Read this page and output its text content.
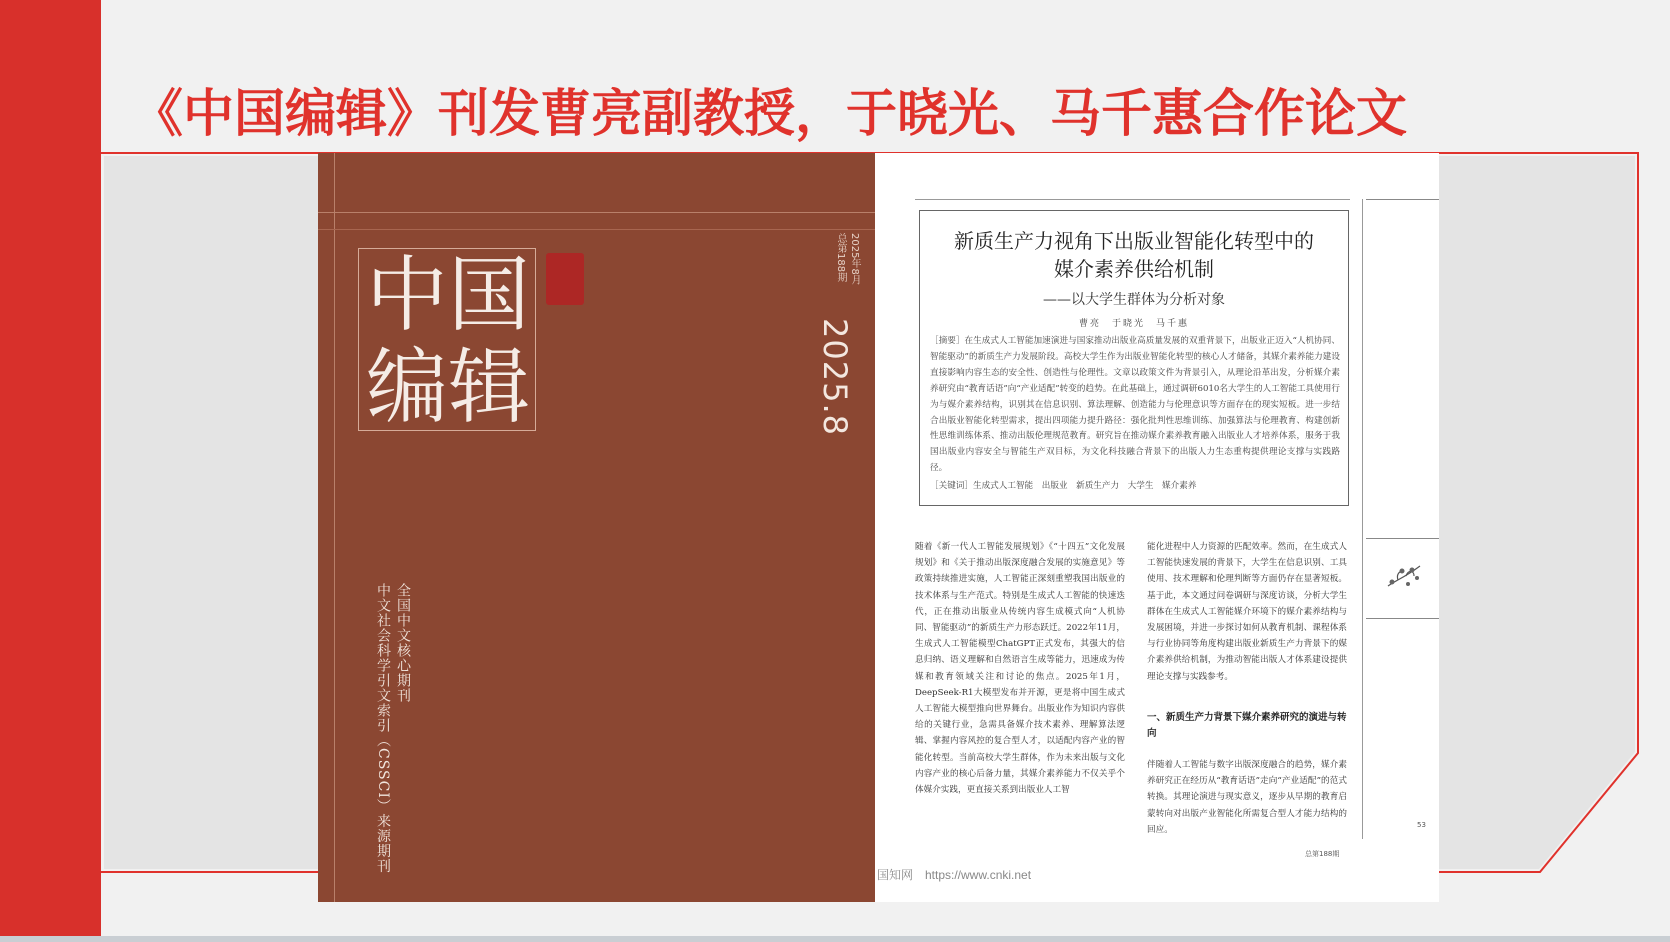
《中国编辑》刊发曹亮副教授，于晓光、马千惠合作论文
中国编辑
2025年8月
总第188期
2025.8
全国中文核心期刊
中文社会科学引文索引（CSSCI）来源期刊
新质生产力视角下出版业智能化转型中的
媒介素养供给机制
——以大学生群体为分析对象
曹亮　于晓光　马千惠
［摘要］在生成式人工智能加速演进与国家推动出版业高质量发展的双重背景下，出版业正迈入“人机协同、智能驱动”的新质生产力发展阶段。高校大学生作为出版业智能化转型的核心人才储备，其媒介素养能力建设直接影响内容生态的安全性、创造性与伦理性。文章以政策文件为背景引入，从理论沿革出发，分析媒介素养研究由“教育话语”向“产业适配”转变的趋势。在此基础上，通过调研6010名大学生的人工智能工具使用行为与媒介素养结构，识别其在信息识别、算法理解、创造能力与伦理意识等方面存在的现实短板。进一步结合出版业智能化转型需求，提出四项能力提升路径：强化批判性思维训练、加强算法与伦理教育、构建创新性思维训练体系、推动出版伦理规范教育。研究旨在推动媒介素养教育融入出版业人才培养体系，服务于我国出版业内容安全与智能生产双目标，为文化科技融合背景下的出版人力生态重构提供理论支撑与实践路径。
［关键词］生成式人工智能　出版业　新质生产力　大学生　媒介素养
随着《新一代人工智能发展规划》《“十四五”文化发展规划》和《关于推动出版深度融合发展的实施意见》等政策持续推进实施，人工智能正深刻重塑我国出版业的技术体系与生产范式。特别是生成式人工智能的快速迭代，正在推动出版业从传统内容生成模式向“人机协同、智能驱动”的新质生产力形态跃迁。2022年11月，生成式人工智能模型ChatGPT正式发布，其强大的信息归纳、语义理解和自然语言生成等能力，迅速成为传媒和教育领域关注和讨论的焦点。2025年1月，DeepSeek-R1大模型发布并开源，更是将中国生成式人工智能大模型推向世界舞台。出版业作为知识内容供给的关键行业，急需具备媒介技术素养、理解算法逻辑、掌握内容风控的复合型人才，以适配内容产业的智能化转型。当前高校大学生群体，作为未来出版与文化内容产业的核心后备力量，其媒介素养能力不仅关乎个体媒介实践，更直接关系到出版业人工智
能化进程中人力资源的匹配效率。然而，在生成式人工智能快速发展的背景下，大学生在信息识别、工具使用、技术理解和伦理判断等方面仍存在显著短板。基于此，本文通过问卷调研与深度访谈，分析大学生群体在生成式人工智能媒介环境下的媒介素养结构与发展困境，并进一步探讨如何从教育机制、课程体系与行业协同等角度构建出版业新质生产力背景下的媒介素养供给机制，为推动智能出版人才体系建设提供理论支撑与实践参考。
一、新质生产力背景下媒介素养研究的演进与转向
伴随着人工智能与数字出版深度融合的趋势，媒介素养研究正在经历从“教育话语”走向“产业适配”的范式转换。其理论演进与现实意义，逐步从早期的教育启蒙转向对出版产业智能化所需复合型人才能力结构的回应。	53
总第188期
国知网　https://www.cnki.net
